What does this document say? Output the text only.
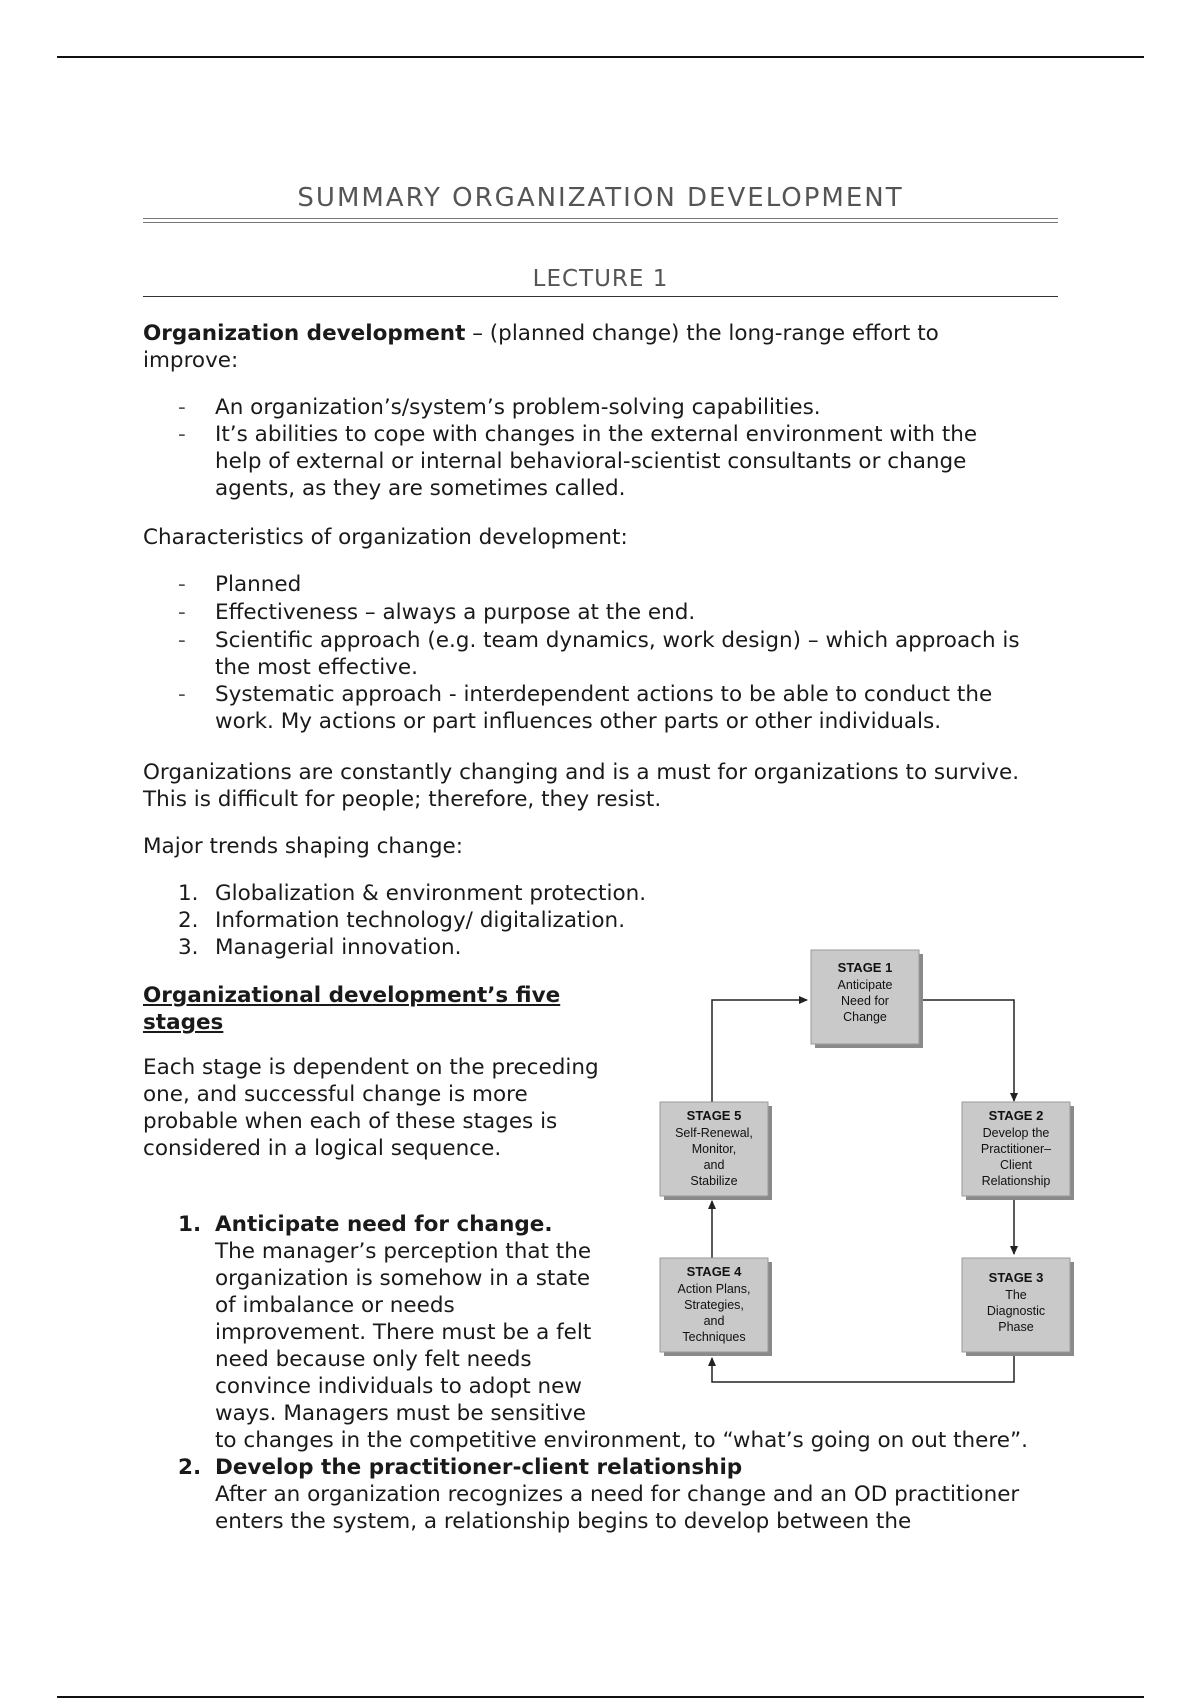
SUMMARY ORGANIZATION DEVELOPMENT
LECTURE 1
Organization development – (planned change) the long-range effort to
improve:
- An organization’s/system’s problem-solving capabilities.
- It’s abilities to cope with changes in the external environment with the help of external or internal behavioral-scientist consultants or change agents, as they are sometimes called.
Characteristics of organization development:
- Planned
- Effectiveness – always a purpose at the end.
- Scientific approach (e.g. team dynamics, work design) – which approach is the most effective.
- Systematic approach - interdependent actions to be able to conduct the work. My actions or part influences other parts or other individuals.
Organizations are constantly changing and is a must for organizations to survive. This is difficult for people; therefore, they resist.
Major trends shaping change:
1. Globalization & environment protection.
2. Information technology/ digitalization.
3. Managerial innovation.
Organizational development’s five stages
Each stage is dependent on the preceding one, and successful change is more probable when each of these stages is considered in a logical sequence.
1. Anticipate need for change.
The manager’s perception that the organization is somehow in a state of imbalance or needs improvement. There must be a felt need because only felt needs convince individuals to adopt new ways. Managers must be sensitive to changes in the competitive environment, to “what’s going on out there”.
2. Develop the practitioner-client relationship
After an organization recognizes a need for change and an OD practitioner enters the system, a relationship begins to develop between the
STAGE 1
Anticipate
Need for
Change
STAGE 2
Develop the
Practitioner–
Client
Relationship
STAGE 3
The
Diagnostic
Phase
STAGE 4
Action Plans,
Strategies,
and
Techniques
STAGE 5
Self-Renewal,
Monitor,
and
Stabilize
